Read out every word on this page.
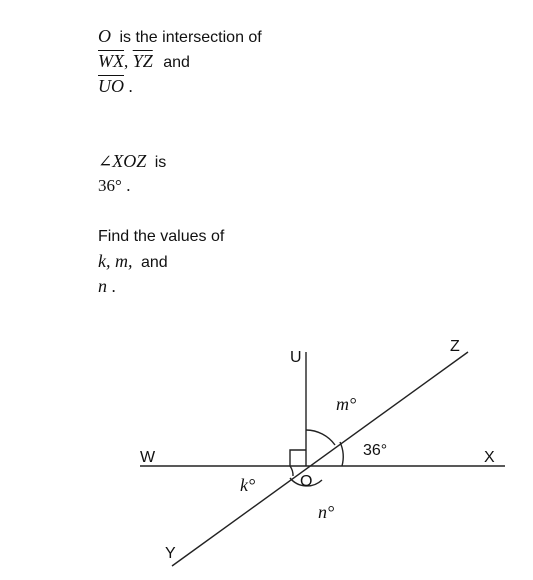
O is the intersection of
$\overline{WX}$, $\overline{YZ}$ and
$\overline{UO}$ .
∠XOZ is
36° .
Find the values of
k, m, and
n .
U
Z
W	X
Y
O
m°
36°
k°
n°
